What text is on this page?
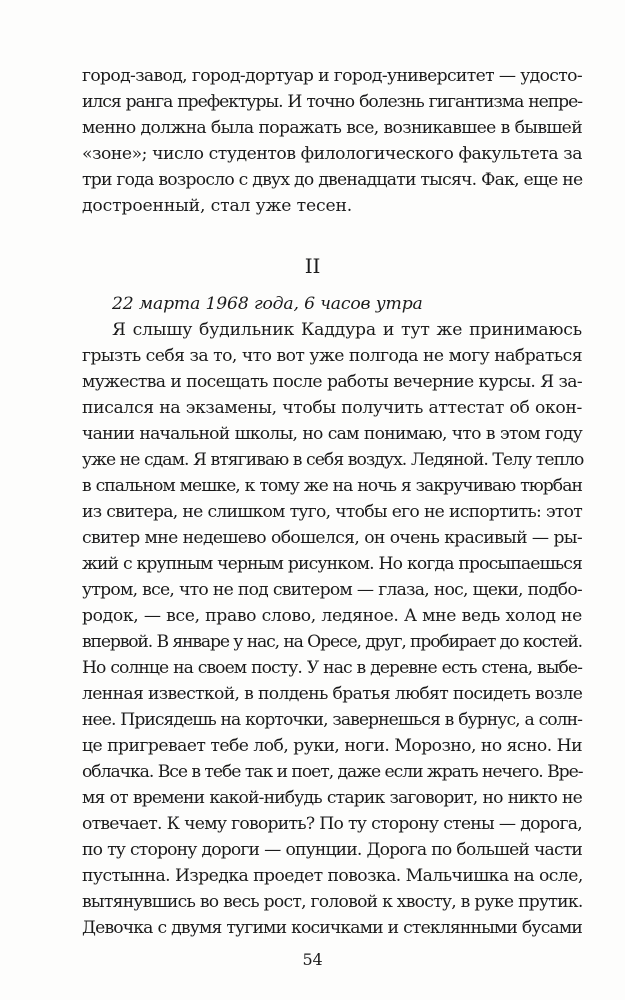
город-завод, город-дортуар и город-университет — удосто-
ился ранга префектуры. И точно болезнь гигантизма непре-
менно должна была поражать все, возникавшее в бывшей
«зоне»; число студентов филологического факультета за
три года возросло с двух до двенадцати тысяч. Фак, еще не
достроенный, стал уже тесен.
II
22 марта 1968 года, 6 часов утра
Я слышу будильник Каддура и тут же принимаюсь
грызть себя за то, что вот уже полгода не могу набраться
мужества и посещать после работы вечерние курсы. Я за-
писался на экзамены, чтобы получить аттестат об окон-
чании начальной школы, но сам понимаю, что в этом году
уже не сдам. Я втягиваю в себя воздух. Ледяной. Телу тепло
в спальном мешке, к тому же на ночь я закручиваю тюрбан
из свитера, не слишком туго, чтобы его не испортить: этот
свитер мне недешево обошелся, он очень красивый — ры-
жий с крупным черным рисунком. Но когда просыпаешься
утром, все, что не под свитером — глаза, нос, щеки, подбо-
родок, — все, право слово, ледяное. А мне ведь холод не
впервой. В январе у нас, на Оресе, друг, пробирает до костей.
Но солнце на своем посту. У нас в деревне есть стена, выбе-
ленная известкой, в полдень братья любят посидеть возле
нее. Присядешь на корточки, завернешься в бурнус, а солн-
це пригревает тебе лоб, руки, ноги. Морозно, но ясно. Ни
облачка. Все в тебе так и поет, даже если жрать нечего. Вре-
мя от времени какой-нибудь старик заговорит, но никто не
отвечает. К чему говорить? По ту сторону стены — дорога,
по ту сторону дороги — опунции. Дорога по большей части
пустынна. Изредка проедет повозка. Мальчишка на осле,
вытянувшись во весь рост, головой к хвосту, в руке прутик.
Девочка с двумя тугими косичками и стеклянными бусами
54
